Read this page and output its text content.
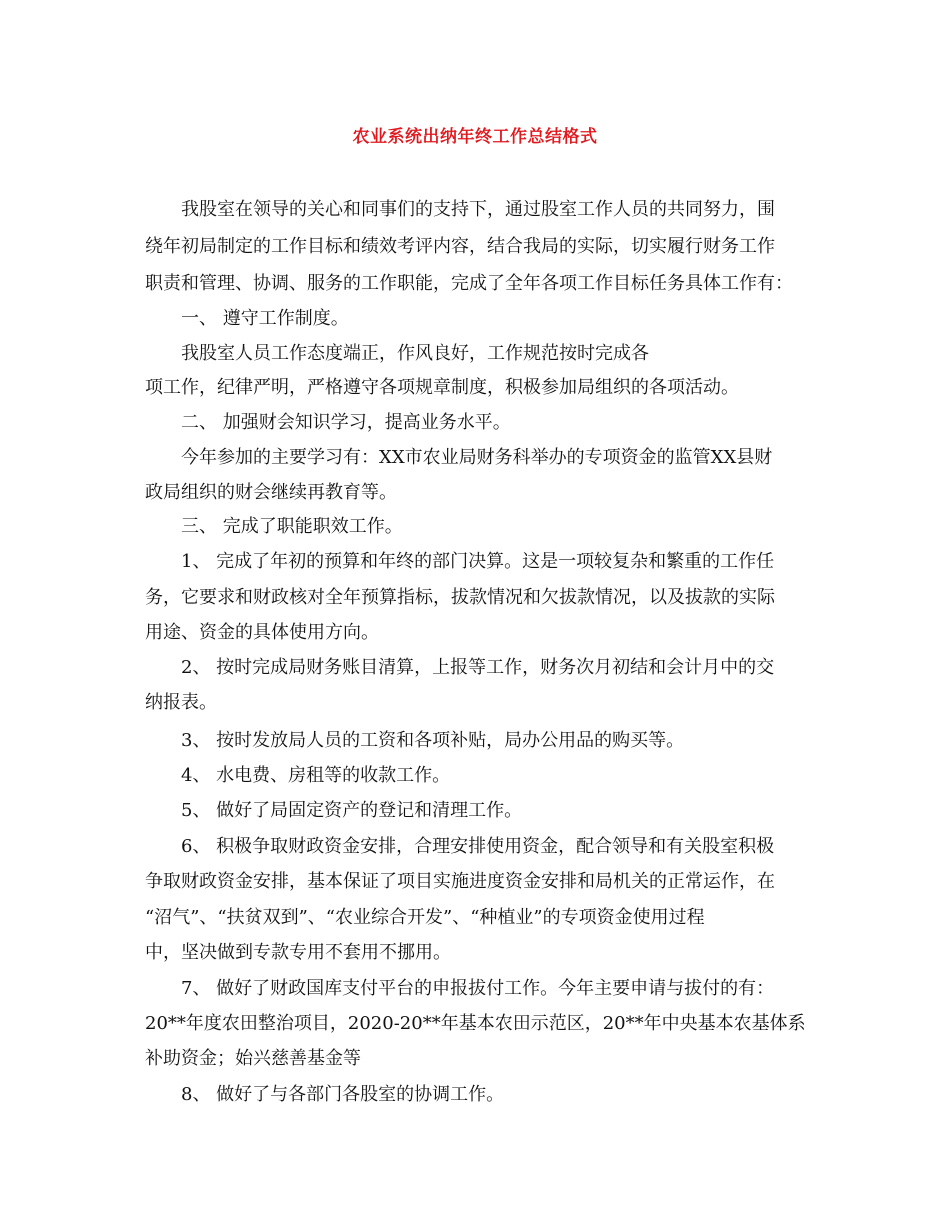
农业系统出纳年终工作总结格式
我股室在领导的关心和同事们的支持下，通过股室工作人员的共同努力，围
绕年初局制定的工作目标和绩效考评内容，结合我局的实际，切实履行财务工作
职责和管理、协调、服务的工作职能，完成了全年各项工作目标任务具体工作有：
一、 遵守工作制度。
我股室人员工作态度端正，作风良好，工作规范按时完成各
项工作，纪律严明，严格遵守各项规章制度，积极参加局组织的各项活动。
二、 加强财会知识学习，提高业务水平。
今年参加的主要学习有：XX市农业局财务科举办的专项资金的监管XX县财
政局组织的财会继续再教育等。
三、 完成了职能职效工作。
1、 完成了年初的预算和年终的部门决算。这是一项较复杂和繁重的工作任
务，它要求和财政核对全年预算指标，拔款情况和欠拔款情况，以及拔款的实际
用途、资金的具体使用方向。
2、 按时完成局财务账目清算，上报等工作，财务次月初结和会计月中的交
纳报表。
3、 按时发放局人员的工资和各项补贴，局办公用品的购买等。
4、 水电费、房租等的收款工作。
5、 做好了局固定资产的登记和清理工作。
6、 积极争取财政资金安排，合理安排使用资金，配合领导和有关股室积极
争取财政资金安排，基本保证了项目实施进度资金安排和局机关的正常运作，在
“沼气”、“扶贫双到”、“农业综合开发”、“种植业”的专项资金使用过程
中，坚决做到专款专用不套用不挪用。
7、 做好了财政国库支付平台的申报拔付工作。今年主要申请与拔付的有：
20**年度农田整治项目，2020-20**年基本农田示范区，20**年中央基本农基体系
补助资金；始兴慈善基金等
8、 做好了与各部门各股室的协调工作。
